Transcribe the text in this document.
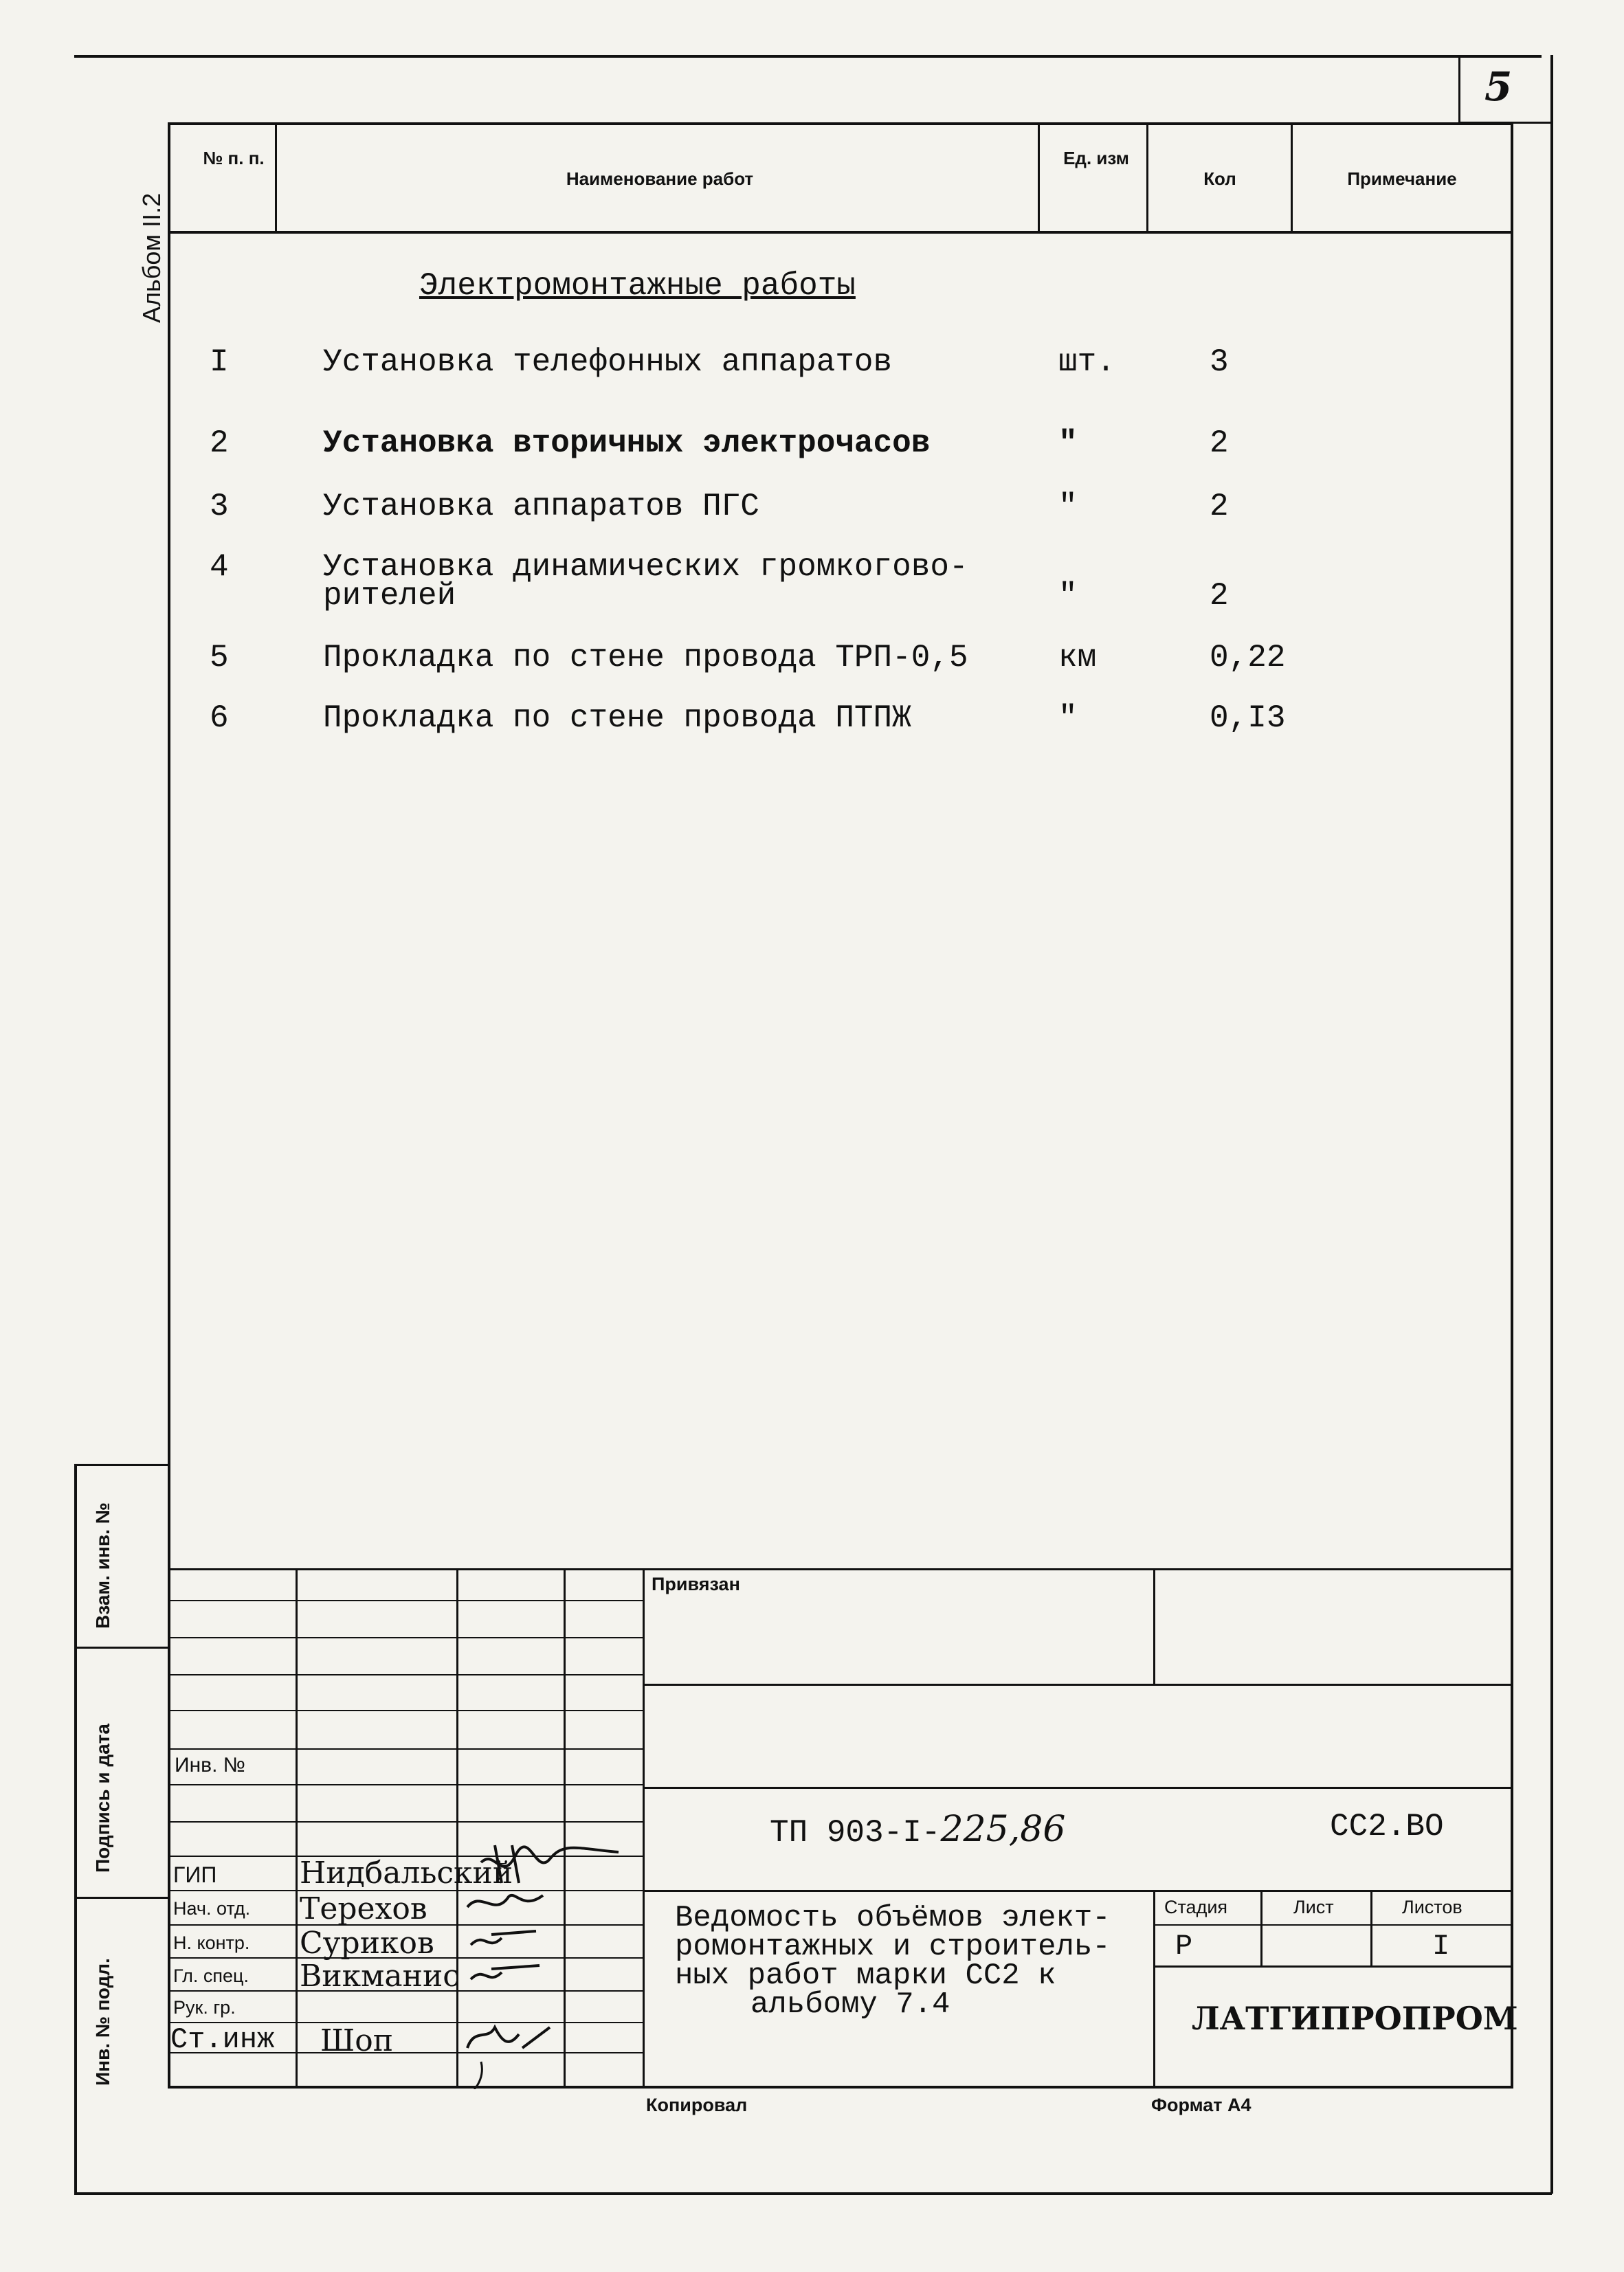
5
№ п. п.
Наименование работ
Ед. изм
Кол	Примечание
Альбом II.2	Электромонтажные работы
I	Установка телефонных аппаратов	шт.	3
2	Установка вторичных электрочасов	"	2
3	Установка аппаратов ПГС	"	2
4	Установка динамических громкогово-
рителей	"	2
5	Прокладка по стене провода ТРП-0,5	км	0,22
6	Прокладка по стене провода ПТПЖ	"	0,I3
Взам. инв. №
Подпись и дата
Инв. № подл.
Привязан
Инв. №
ТП 903-I-225,86	СС2.ВО
ГИП
Нач. отд.
Н. контр.
Гл. спец.
Рук. гр.
Ст.инж
Нидбальский
Терехов
Суриков
Викманис
Шоп
Ведомость объёмов элект-
ромонтажных и строитель-
ных работ марки СС2 к
альбому 7.4
Стадия	Лист	Листов
Р	I
ЛАТГИПРОПРОМ
Копировал	Формат А4
